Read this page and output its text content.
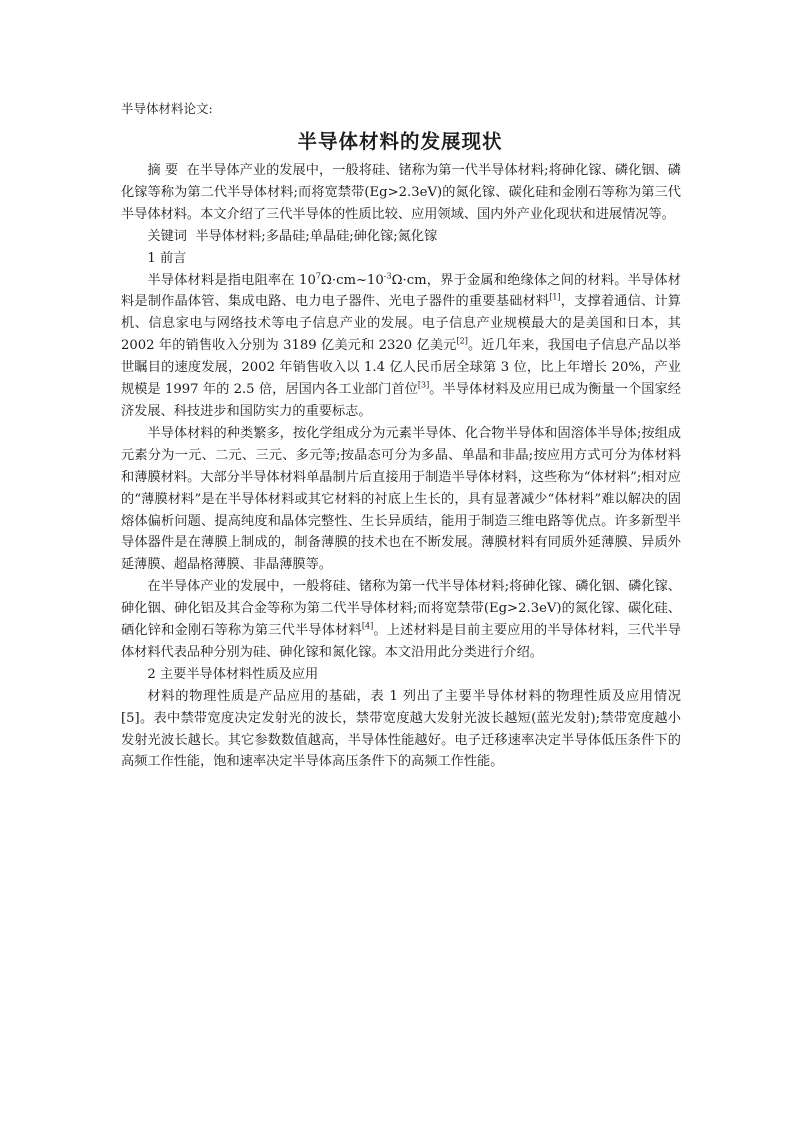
半导体材料论文:
半导体材料的发展现状

摘 要 在半导体产业的发展中，一般将硅、锗称为第一代半导体材料;将砷化镓、磷化铟、磷化镓等称为第二代半导体材料;而将宽禁带(Eg>2.3eV)的氮化镓、碳化硅和金刚石等称为第三代半导体材料。本文介绍了三代半导体的性质比较、应用领域、国内外产业化现状和进展情况等。

关键词 半导体材料;多晶硅;单晶硅;砷化镓;氮化镓

1 前言

半导体材料是指电阻率在 $10^7\Omega\cdot cm\sim 10^{-3}\Omega\cdot cm$，界于金属和绝缘体之间的材料。半导体材料是制作晶体管、集成电路、电力电子器件、光电子器件的重要基础材料[1]，支撑着通信、计算机、信息家电与网络技术等电子信息产业的发展。电子信息产业规模最大的是美国和日本，其 2002 年的销售收入分别为 3189 亿美元和 2320 亿美元[2]。近几年来，我国电子信息产品以举世瞩目的速度发展，2002 年销售收入以 1.4 亿人民币居全球第 3 位，比上年增长 20%，产业规模是 1997 年的 2.5 倍，居国内各工业部门首位[3]。半导体材料及应用已成为衡量一个国家经济发展、科技进步和国防实力的重要标志。

半导体材料的种类繁多，按化学组成分为元素半导体、化合物半导体和固溶体半导体;按组成元素分为一元、二元、三元、多元等;按晶态可分为多晶、单晶和非晶;按应用方式可分为体材料和薄膜材料。大部分半导体材料单晶制片后直接用于制造半导体材料，这些称为“体材料”;相对应的“薄膜材料”是在半导体材料或其它材料的衬底上生长的，具有显著减少“体材料”难以解决的固熔体偏析问题、提高纯度和晶体完整性、生长异质结，能用于制造三维电路等优点。许多新型半导体器件是在薄膜上制成的，制备薄膜的技术也在不断发展。薄膜材料有同质外延薄膜、异质外延薄膜、超晶格薄膜、非晶薄膜等。

在半导体产业的发展中，一般将硅、锗称为第一代半导体材料;将砷化镓、磷化铟、磷化镓、砷化铟、砷化铝及其合金等称为第二代半导体材料;而将宽禁带(Eg>2.3eV)的氮化镓、碳化硅、硒化锌和金刚石等称为第三代半导体材料[4]。上述材料是目前主要应用的半导体材料，三代半导体材料代表品种分别为硅、砷化镓和氮化镓。本文沿用此分类进行介绍。

2 主要半导体材料性质及应用

材料的物理性质是产品应用的基础，表 1 列出了主要半导体材料的物理性质及应用情况[5]。表中禁带宽度决定发射光的波长，禁带宽度越大发射光波长越短(蓝光发射);禁带宽度越小发射光波长越长。其它参数数值越高，半导体性能越好。电子迁移速率决定半导体低压条件下的高频工作性能，饱和速率决定半导体高压条件下的高频工作性能。
